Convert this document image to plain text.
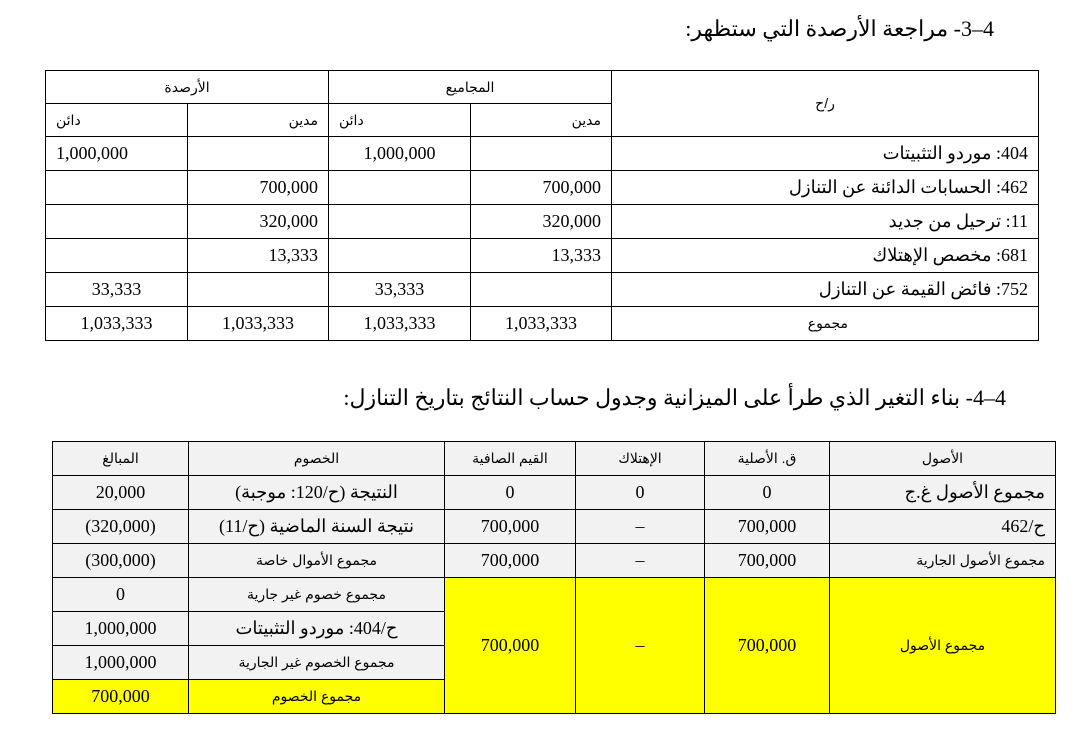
4–3- مراجعة الأرصدة التي ستظهر:
الأرصدة		المجاميع		ر/ح
دائن	مدين	دائن	مدين	
1,000,000		1,000,000		404: موردو التثبيتات
	700,000		700,000	462: الحسابات الدائنة عن التنازل
	320,000		320,000	11: ترحيل من جديد
	13,333		13,333	681: مخصص الإهتلاك
33,333		33,333		752: فائض القيمة عن التنازل
1,033,333	1,033,333	1,033,333	1,033,333	مجموع
4–4- بناء التغير الذي طرأ على الميزانية وجدول حساب النتائج بتاريخ التنازل:
المبالغ	الخصوم	القيم الصافية	الإهتلاك	ق. الأصلية	الأصول
20,000	النتيجة (ح/120: موجبة)	0	0	0	مجموع الأصول غ.ج
(320,000)	نتيجة السنة الماضية (ح/11)	700,000	–	700,000	ح/462
(300,000)	مجموع الأموال خاصة	700,000	–	700,000	مجموع الأصول الجارية
0	مجموع خصوم غير جارية	700,000	–	700,000	مجموع الأصول
1,000,000	ح/404: موردو التثبيتات				
1,000,000	مجموع الخصوم غير الجارية				
700,000	مجموع الخصوم				
